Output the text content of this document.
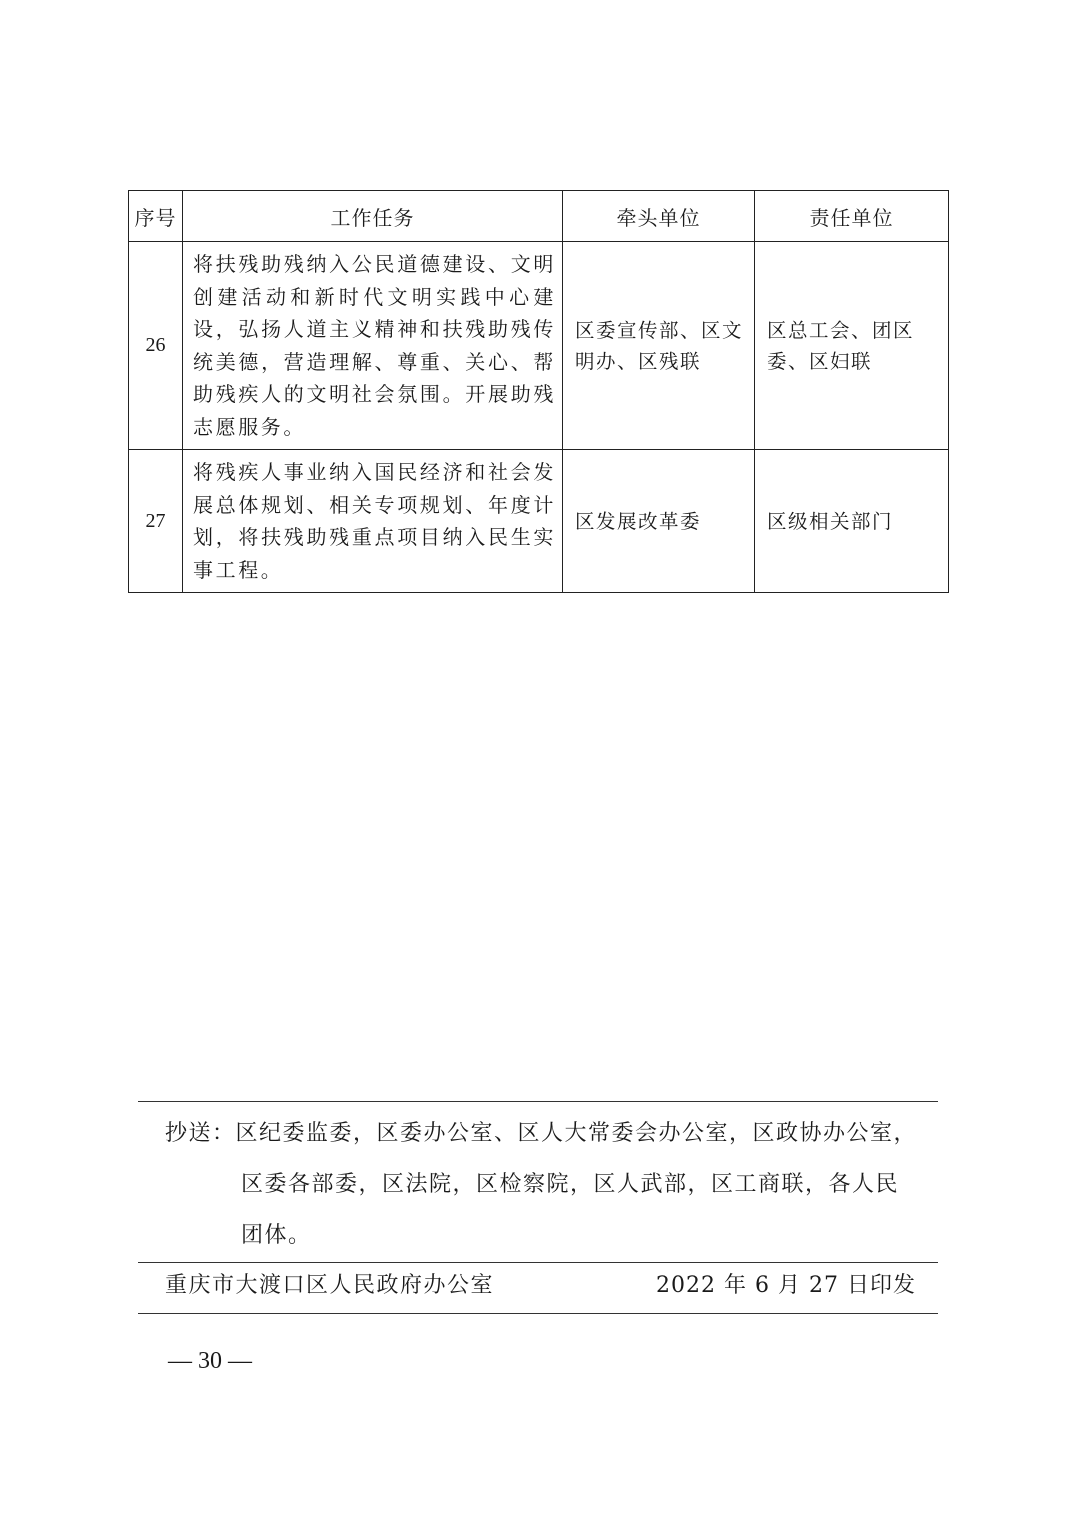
序号	工作任务	牵头单位	责任单位
26	将扶残助残纳入公民道德建设、文明创建活动和新时代文明实践中心建设，弘扬人道主义精神和扶残助残传统美德，营造理解、尊重、关心、帮助残疾人的文明社会氛围。开展助残志愿服务。	区委宣传部、区文明办、区残联	区总工会、团区委、区妇联
27	将残疾人事业纳入国民经济和社会发展总体规划、相关专项规划、年度计划，将扶残助残重点项目纳入民生实事工程。	区发展改革委	区级相关部门
抄送：区纪委监委，区委办公室、区人大常委会办公室，区政协办公室，
区委各部委，区法院，区检察院，区人武部，区工商联，各人民
团体。
重庆市大渡口区人民政府办公室	2022 年 6 月 27 日印发
— 30 —
